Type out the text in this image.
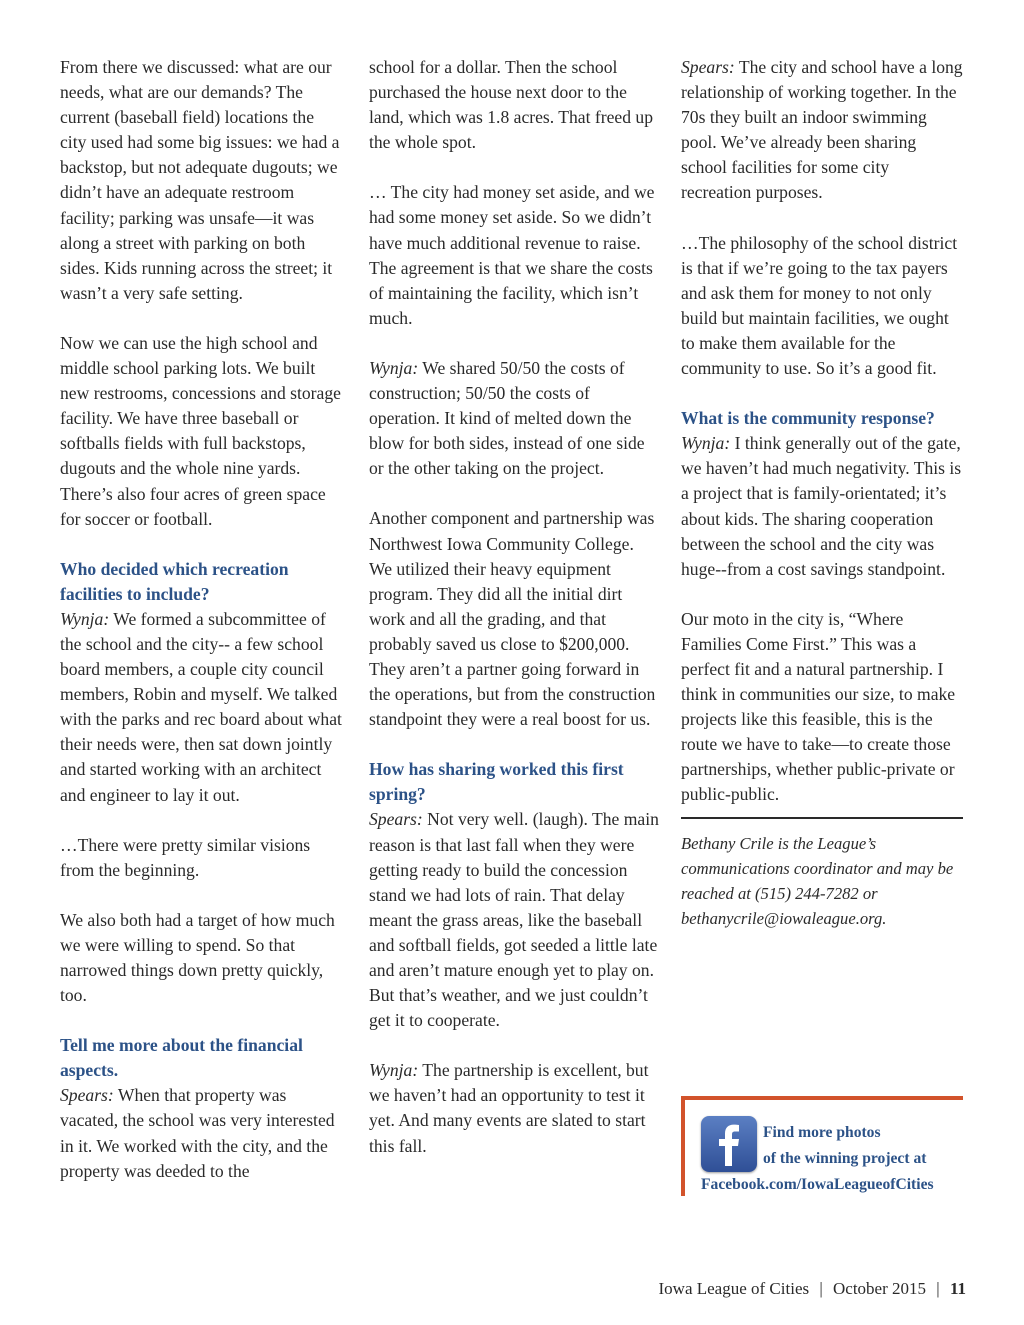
From there we discussed: what are our needs, what are our demands? The current (baseball field) locations the city used had some big issues: we had a backstop, but not adequate dugouts; we didn’t have an adequate restroom facility; parking was unsafe—it was along a street with parking on both sides. Kids running across the street; it wasn’t a very safe setting.

Now we can use the high school and middle school parking lots. We built new restrooms, concessions and storage facility. We have three baseball or softballs fields with full backstops, dugouts and the whole nine yards. There’s also four acres of green space for soccer or football.

Who decided which recreation facilities to include?

Wynja: We formed a subcommittee of the school and the city-- a few school board members, a couple city council members, Robin and myself. We talked with the parks and rec board about what their needs were, then sat down jointly and started working with an architect and engineer to lay it out.

…There were pretty similar visions from the beginning.

We also both had a target of how much we were willing to spend. So that narrowed things down pretty quickly, too.

Tell me more about the financial aspects.

Spears: When that property was vacated, the school was very interested in it. We worked with the city, and the property was deeded to the

school for a dollar. Then the school purchased the house next door to the land, which was 1.8 acres. That freed up the whole spot.

… The city had money set aside, and we had some money set aside. So we didn’t have much additional revenue to raise. The agreement is that we share the costs of maintaining the facility, which isn’t much.

Wynja: We shared 50/50 the costs of construction; 50/50 the costs of operation. It kind of melted down the blow for both sides, instead of one side or the other taking on the project.

Another component and partnership was Northwest Iowa Community College. We utilized their heavy equipment program. They did all the initial dirt work and all the grading, and that probably saved us close to $200,000. They aren’t a partner going forward in the operations, but from the construction standpoint they were a real boost for us.

How has sharing worked this first spring?

Spears: Not very well. (laugh). The main reason is that last fall when they were getting ready to build the concession stand we had lots of rain. That delay meant the grass areas, like the baseball and softball fields, got seeded a little late and aren’t mature enough yet to play on. But that’s weather, and we just couldn’t get it to cooperate.

Wynja: The partnership is excellent, but we haven’t had an opportunity to test it yet. And many events are slated to start this fall.

Spears: The city and school have a long relationship of working together. In the 70s they built an indoor swimming pool. We’ve already been sharing school facilities for some city recreation purposes.

…The philosophy of the school district is that if we’re going to the tax payers and ask them for money to not only build but maintain facilities, we ought to make them available for the community to use. So it’s a good fit.

What is the community response?

Wynja: I think generally out of the gate, we haven’t had much negativity. This is a project that is family-orientated; it’s about kids. The sharing cooperation between the school and the city was huge--from a cost savings standpoint.

Our moto in the city is, “Where Families Come First.” This was a perfect fit and a natural partnership. I think in communities our size, to make projects like this feasible, this is the route we have to take—to create those partnerships, whether public-private or public-public.

Bethany Crile is the League’s communications coordinator and may be reached at (515) 244-7282 or bethanycrile@iowaleague.org.

Find more photos
of the winning project at
Facebook.com/IowaLeagueofCities
Iowa League of Cities | October 2015 | 11
